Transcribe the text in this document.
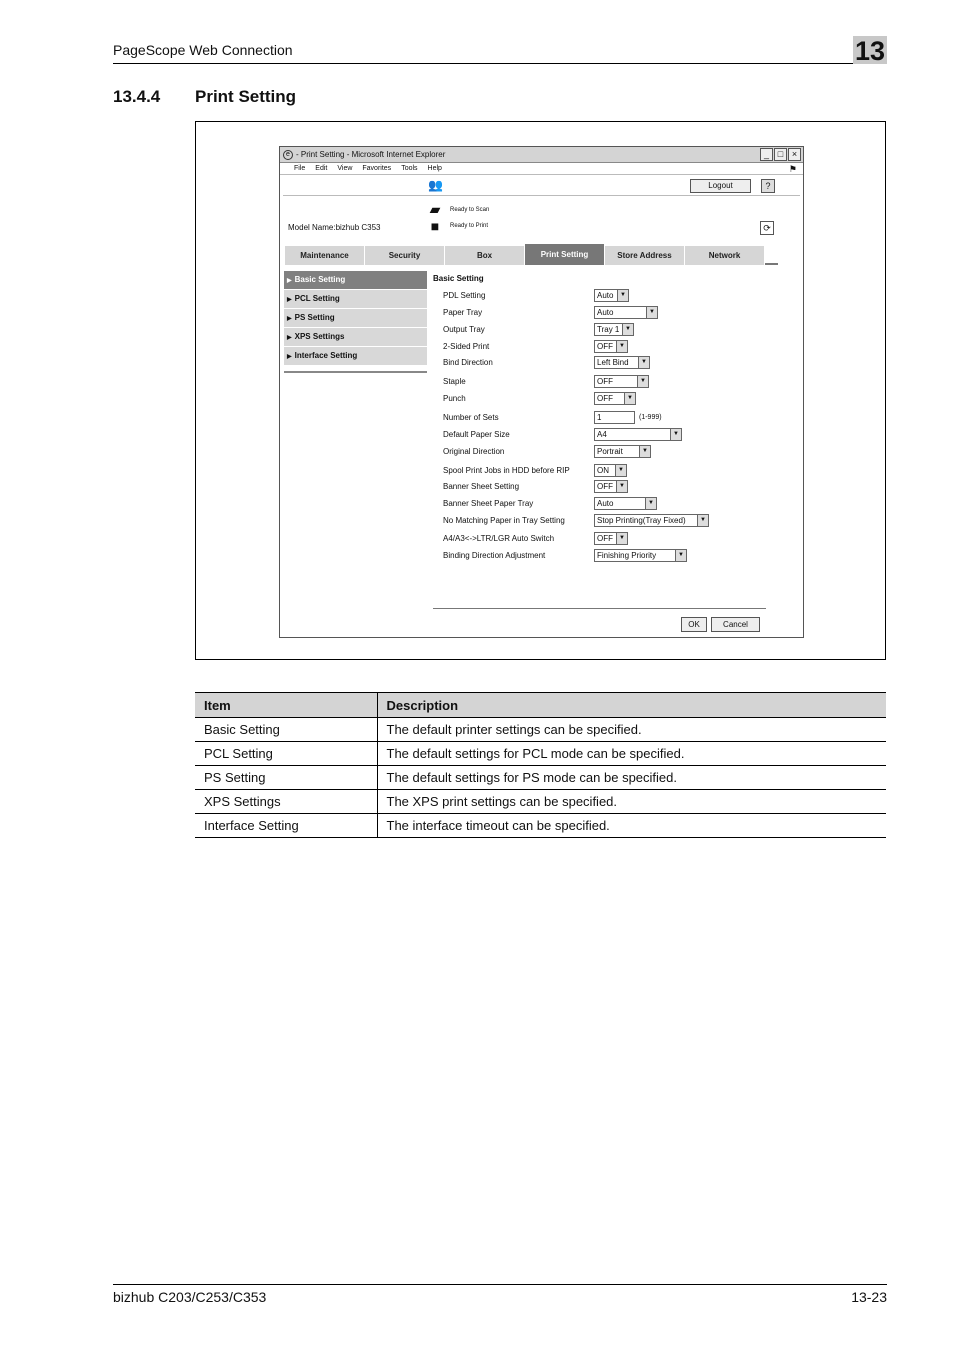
PageScope Web Connection	13
13.4.4 Print Setting
e - Print Setting - Microsoft Internet Explorer	_ □ ×
File Edit View Favorites Tools Help	⚑
👥	Logout	?
▰	Ready to Scan
■	Ready to Print
Model Name:bizhub C353	⟳
Maintenance	Security	Box	Print Setting	Store Address	Network
▶ Basic Setting
▶ PCL Setting
▶ PS Setting
▶ XPS Settings
▶ Interface Setting
Basic Setting
PDL Setting	Auto	▼
Paper Tray	Auto	▼
Output Tray	Tray 1 ▼
2-Sided Print	OFF	▼
Bind Direction	Left Bind	▼
Staple	OFF	▼
Punch	OFF	▼
Number of Sets	1	(1-999)
Default Paper Size	A4	▼
Original Direction	Portrait	▼
Spool Print Jobs in HDD before RIP	ON	▼
Banner Sheet Setting	OFF	▼
Banner Sheet Paper Tray	Auto	▼
No Matching Paper in Tray Setting	Stop Printing(Tray Fixed)	▼
A4/A3<->LTR/LGR Auto Switch	OFF	▼
Binding Direction Adjustment	Finishing Priority	▼
OK	Cancel
Item	Description
Basic Setting	The default printer settings can be specified.
PCL Setting	The default settings for PCL mode can be specified.
PS Setting	The default settings for PS mode can be specified.
XPS Settings	The XPS print settings can be specified.
Interface Setting	The interface timeout can be specified.
bizhub C203/C253/C353	13-23
